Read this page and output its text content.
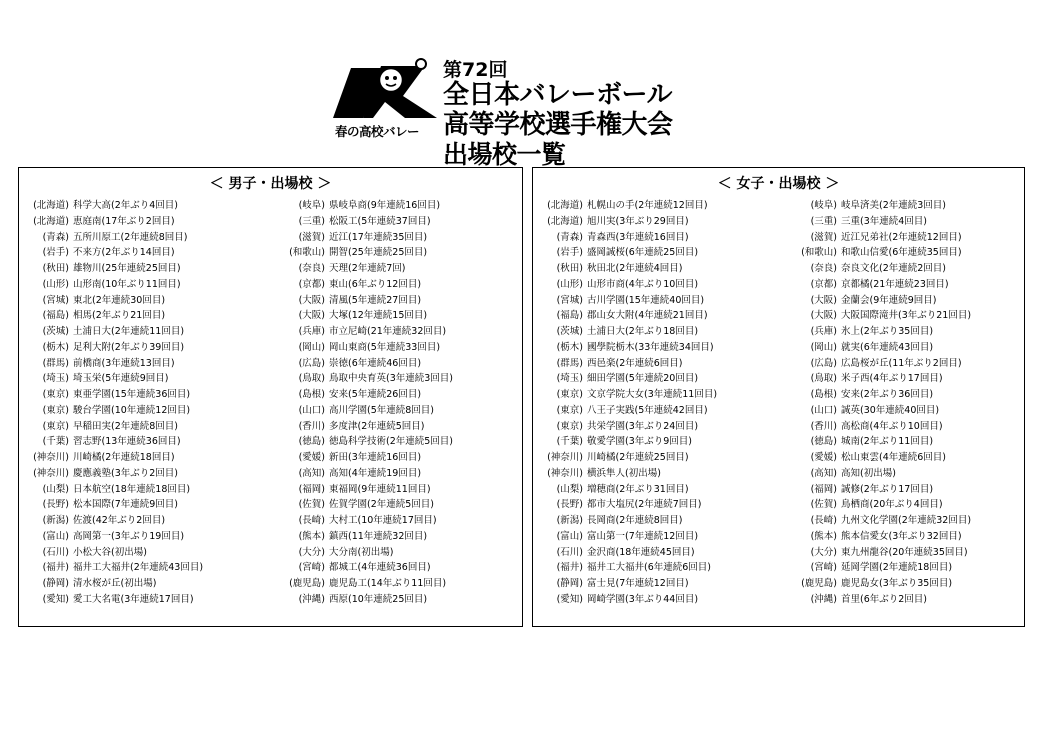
春の高校バレー
第72回
全日本バレーボール
高等学校選手権大会
出場校一覧
＜ 男子・出場校 ＞
(北海道) 科学大高(2年ぶり4回目)
(北海道) 恵庭南(17年ぶり2回目)
(青森) 五所川原工(2年連続8回目)
(岩手) 不来方(2年ぶり14回目)
(秋田) 雄物川(25年連続25回目)
(山形) 山形南(10年ぶり11回目)
(宮城) 東北(2年連続30回目)
(福島) 相馬(2年ぶり21回目)
(茨城) 土浦日大(2年連続11回目)
(栃木) 足利大附(2年ぶり39回目)
(群馬) 前橋商(3年連続13回目)
(埼玉) 埼玉栄(5年連続9回目)
(東京) 東亜学園(15年連続36回目)
(東京) 駿台学園(10年連続12回目)
(東京) 早稲田実(2年連続8回目)
(千葉) 習志野(13年連続36回目)
(神奈川) 川崎橘(2年連続18回目)
(神奈川) 慶應義塾(3年ぶり2回目)
(山梨) 日本航空(18年連続18回目)
(長野) 松本国際(7年連続9回目)
(新潟) 佐渡(42年ぶり2回目)
(富山) 高岡第一(3年ぶり19回目)
(石川) 小松大谷(初出場)
(福井) 福井工大福井(2年連続43回目)
(静岡) 清水桜が丘(初出場)
(愛知) 愛工大名電(3年連続17回目)
(岐阜) 県岐阜商(9年連続16回目)
(三重) 松阪工(5年連続37回目)
(滋賀) 近江(17年連続35回目)
(和歌山) 開智(25年連続25回目)
(奈良) 天理(2年連続7回)
(京都) 東山(6年ぶり12回目)
(大阪) 清風(5年連続27回目)
(大阪) 大塚(12年連続15回目)
(兵庫) 市立尼崎(21年連続32回目)
(岡山) 岡山東商(5年連続33回目)
(広島) 崇徳(6年連続46回目)
(鳥取) 鳥取中央育英(3年連続3回目)
(島根) 安来(5年連続26回目)
(山口) 高川学園(5年連続8回目)
(香川) 多度津(2年連続5回目)
(徳島) 徳島科学技術(2年連続5回目)
(愛媛) 新田(3年連続16回目)
(高知) 高知(4年連続19回目)
(福岡) 東福岡(9年連続11回目)
(佐賀) 佐賀学園(2年連続5回目)
(長崎) 大村工(10年連続17回目)
(熊本) 鎮西(11年連続32回目)
(大分) 大分南(初出場)
(宮崎) 都城工(4年連続36回目)
(鹿児島) 鹿児島工(14年ぶり11回目)
(沖縄) 西原(10年連続25回目)
＜ 女子・出場校 ＞
(北海道) 札幌山の手(2年連続12回目)
(北海道) 旭川実(3年ぶり29回目)
(青森) 青森西(3年連続16回目)
(岩手) 盛岡誠桜(6年連続25回目)
(秋田) 秋田北(2年連続4回目)
(山形) 山形市商(4年ぶり10回目)
(宮城) 古川学園(15年連続40回目)
(福島) 郡山女大附(4年連続21回目)
(茨城) 土浦日大(2年ぶり18回目)
(栃木) 國學院栃木(33年連続34回目)
(群馬) 西邑楽(2年連続6回目)
(埼玉) 細田学園(5年連続20回目)
(東京) 文京学院大女(3年連続11回目)
(東京) 八王子実践(5年連続42回目)
(東京) 共栄学園(3年ぶり24回目)
(千葉) 敬愛学園(3年ぶり9回目)
(神奈川) 川崎橘(2年連続25回目)
(神奈川) 横浜隼人(初出場)
(山梨) 増穂商(2年ぶり31回目)
(長野) 都市大塩尻(2年連続7回目)
(新潟) 長岡商(2年連続8回目)
(富山) 富山第一(7年連続12回目)
(石川) 金沢商(18年連続45回目)
(福井) 福井工大福井(6年連続6回目)
(静岡) 富士見(7年連続12回目)
(愛知) 岡崎学園(3年ぶり44回目)
(岐阜) 岐阜済美(2年連続3回目)
(三重) 三重(3年連続4回目)
(滋賀) 近江兄弟社(2年連続12回目)
(和歌山) 和歌山信愛(6年連続35回目)
(奈良) 奈良文化(2年連続2回目)
(京都) 京都橘(21年連続23回目)
(大阪) 金蘭会(9年連続9回目)
(大阪) 大阪国際滝井(3年ぶり21回目)
(兵庫) 氷上(2年ぶり35回目)
(岡山) 就実(6年連続43回目)
(広島) 広島桜が丘(11年ぶり2回目)
(鳥取) 米子西(4年ぶり17回目)
(島根) 安来(2年ぶり36回目)
(山口) 誠英(30年連続40回目)
(香川) 高松商(4年ぶり10回目)
(徳島) 城南(2年ぶり11回目)
(愛媛) 松山東雲(4年連続6回目)
(高知) 高知(初出場)
(福岡) 誠修(2年ぶり17回目)
(佐賀) 鳥栖商(20年ぶり4回目)
(長崎) 九州文化学園(2年連続32回目)
(熊本) 熊本信愛女(3年ぶり32回目)
(大分) 東九州龍谷(20年連続35回目)
(宮崎) 延岡学園(2年連続18回目)
(鹿児島) 鹿児島女(3年ぶり35回目)
(沖縄) 首里(6年ぶり2回目)
